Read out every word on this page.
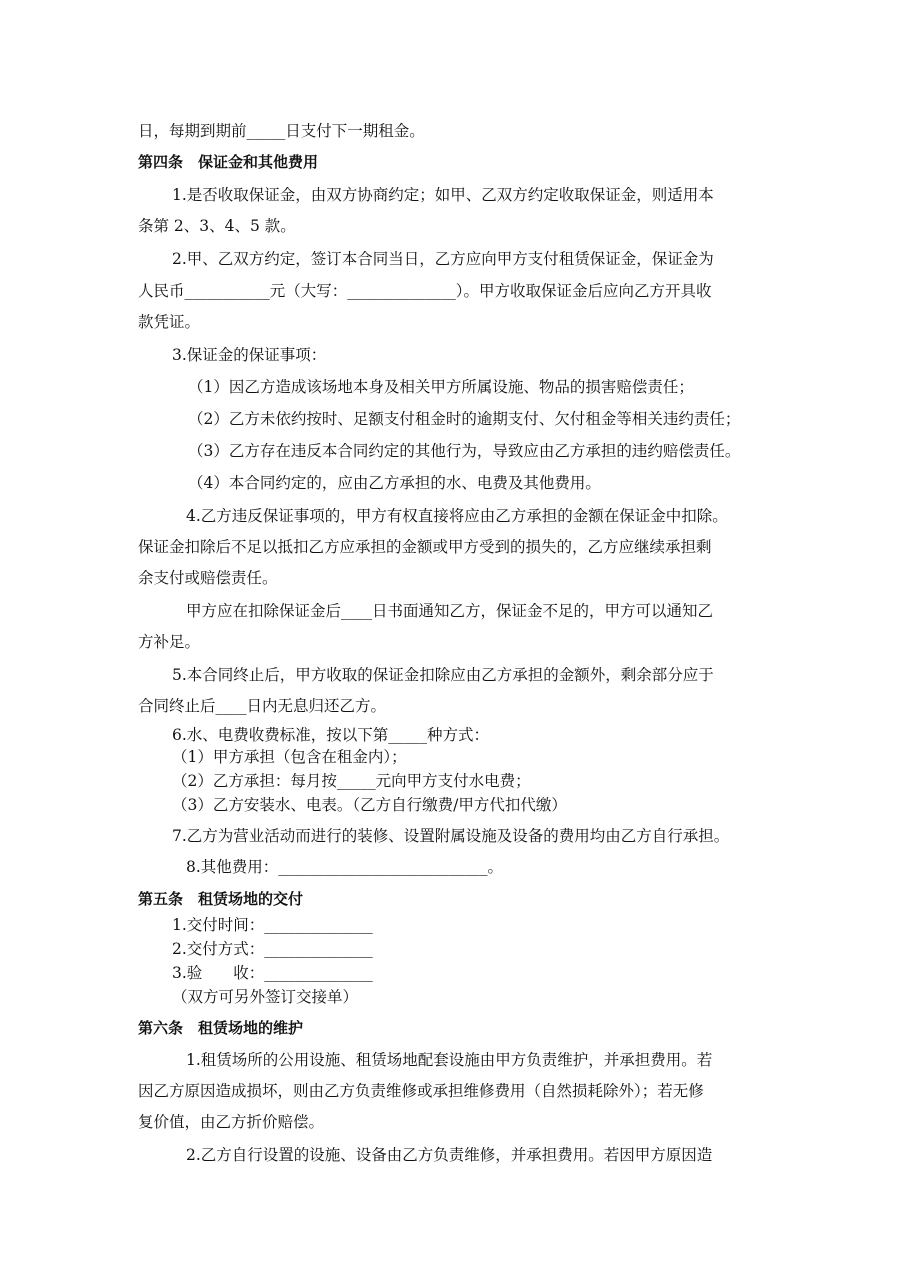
日，每期到期前_____日支付下一期租金。
第四条　保证金和其他费用
1.是否收取保证金，由双方协商约定；如甲、乙双方约定收取保证金，则适用本
条第 2、3、4、5 款。
2.甲、乙双方约定，签订本合同当日，乙方应向甲方支付租赁保证金，保证金为
人民币___________元（大写：______________）。甲方收取保证金后应向乙方开具收
款凭证。
3.保证金的保证事项：
（1）因乙方造成该场地本身及相关甲方所属设施、物品的损害赔偿责任；
（2）乙方未依约按时、足额支付租金时的逾期支付、欠付租金等相关违约责任；
（3）乙方存在违反本合同约定的其他行为，导致应由乙方承担的违约赔偿责任。
（4）本合同约定的，应由乙方承担的水、电费及其他费用。
4.乙方违反保证事项的，甲方有权直接将应由乙方承担的金额在保证金中扣除。
保证金扣除后不足以抵扣乙方应承担的金额或甲方受到的损失的，乙方应继续承担剩
余支付或赔偿责任。
甲方应在扣除保证金后____日书面通知乙方，保证金不足的，甲方可以通知乙
方补足。
5.本合同终止后，甲方收取的保证金扣除应由乙方承担的金额外，剩余部分应于
合同终止后____日内无息归还乙方。
6.水、电费收费标准，按以下第_____种方式：
（1）甲方承担（包含在租金内）；
（2）乙方承担：每月按_____元向甲方支付水电费；
（3）乙方安装水、电表。（乙方自行缴费/甲方代扣代缴）
7.乙方为营业活动而进行的装修、设置附属设施及设备的费用均由乙方自行承担。
8.其他费用：___________________________。
第五条　租赁场地的交付
1.交付时间：______________
2.交付方式：______________
3.验　　收：______________
（双方可另外签订交接单）
第六条　租赁场地的维护
1.租赁场所的公用设施、租赁场地配套设施由甲方负责维护，并承担费用。若
因乙方原因造成损坏，则由乙方负责维修或承担维修费用（自然损耗除外）；若无修
复价值，由乙方折价赔偿。
2.乙方自行设置的设施、设备由乙方负责维修，并承担费用。若因甲方原因造
